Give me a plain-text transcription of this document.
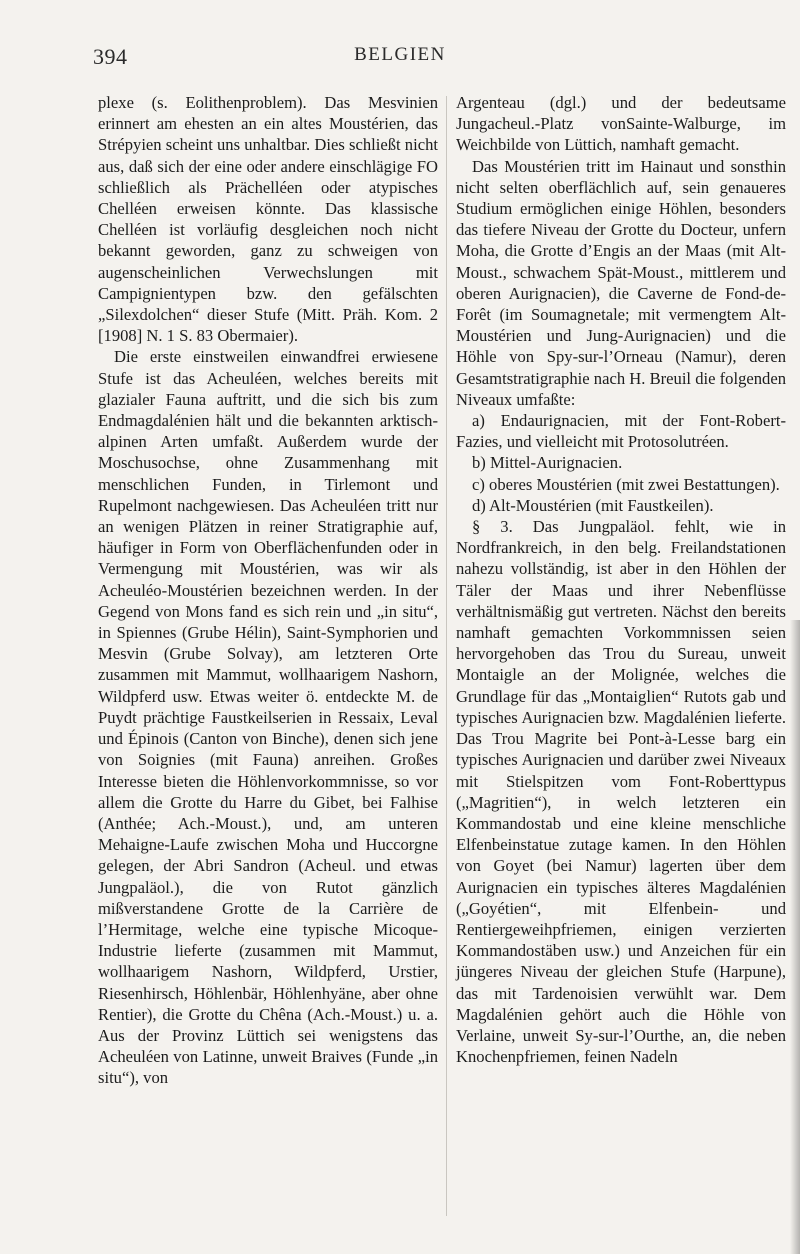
394	BELGIEN

plexe (s. Eolithenproblem). Das Mesvinien erinnert am ehesten an ein altes Moustérien, das Strépyien scheint uns unhaltbar. Dies schließt nicht aus, daß sich der eine oder andere einschlägige FO schließlich als Prächelléen oder atypisches Chelléen erweisen könnte. Das klassische Chelléen ist vorläufig desgleichen noch nicht bekannt geworden, ganz zu schweigen von augenscheinlichen Verwechslungen mit Campignientypen bzw. den gefälschten „Silexdolchen“ dieser Stufe (Mitt. Präh. Kom. 2 [1908] N. 1 S. 83 Obermaier).

Die erste einstweilen einwandfrei erwiesene Stufe ist das Acheuléen, welches bereits mit glazialer Fauna auftritt, und die sich bis zum Endmagdalénien hält und die bekannten arktisch-alpinen Arten umfaßt. Außerdem wurde der Moschusochse, ohne Zusammenhang mit menschlichen Funden, in Tirlemont und Rupelmont nachgewiesen. Das Acheuléen tritt nur an wenigen Plätzen in reiner Stratigraphie auf, häufiger in Form von Oberflächenfunden oder in Vermengung mit Moustérien, was wir als Acheuléo-Moustérien bezeichnen werden. In der Gegend von Mons fand es sich rein und „in situ“, in Spiennes (Grube Hélin), Saint-Symphorien und Mesvin (Grube Solvay), am letzteren Orte zusammen mit Mammut, wollhaarigem Nashorn, Wildpferd usw. Etwas weiter ö. entdeckte M. de Puydt prächtige Faustkeilserien in Ressaix, Leval und Épinois (Canton von Binche), denen sich jene von Soignies (mit Fauna) anreihen. Großes Interesse bieten die Höhlenvorkommnisse, so vor allem die Grotte du Harre du Gibet, bei Falhise (Anthée; Ach.-Moust.), und, am unteren Mehaigne-Laufe zwischen Moha und Huccorgne gelegen, der Abri Sandron (Acheul. und etwas Jungpaläol.), die von Rutot gänzlich mißverstandene Grotte de la Carrière de l’Hermitage, welche eine typische Micoque-Industrie lieferte (zusammen mit Mammut, wollhaarigem Nashorn, Wildpferd, Urstier, Riesenhirsch, Höhlenbär, Höhlenhyäne, aber ohne Rentier), die Grotte du Chêna (Ach.-Moust.) u. a. Aus der Provinz Lüttich sei wenigstens das Acheuléen von Latinne, unweit Braives (Funde „in situ“), von

Argenteau (dgl.) und der bedeutsame Jungacheul.-Platz vonSainte-Walburge, im Weichbilde von Lüttich, namhaft gemacht.

Das Moustérien tritt im Hainaut und sonsthin nicht selten oberflächlich auf, sein genaueres Studium ermöglichen einige Höhlen, besonders das tiefere Niveau der Grotte du Docteur, unfern Moha, die Grotte d’Engis an der Maas (mit Alt-Moust., schwachem Spät-Moust., mittlerem und oberen Aurignacien), die Caverne de Fond-de-Forêt (im Soumagnetale; mit vermengtem Alt-Moustérien und Jung-Aurignacien) und die Höhle von Spy-sur-l’Orneau (Namur), deren Gesamtstratigraphie nach H. Breuil die folgenden Niveaux umfaßte:

a) Endaurignacien, mit der Font-Robert-Fazies, und vielleicht mit Protosolutréen.

b) Mittel-Aurignacien.

c) oberes Moustérien (mit zwei Bestattungen).

d) Alt-Moustérien (mit Faustkeilen).

§ 3. Das Jungpaläol. fehlt, wie in Nordfrankreich, in den belg. Freilandstationen nahezu vollständig, ist aber in den Höhlen der Täler der Maas und ihrer Nebenflüsse verhältnismäßig gut vertreten. Nächst den bereits namhaft gemachten Vorkommnissen seien hervorgehoben das Trou du Sureau, unweit Montaigle an der Molignée, welches die Grundlage für das „Montaiglien“ Rutots gab und typisches Aurignacien bzw. Magdalénien lieferte. Das Trou Magrite bei Pont-à-Lesse barg ein typisches Aurignacien und darüber zwei Niveaux mit Stielspitzen vom Font-Roberttypus („Magritien“), in welch letzteren ein Kommandostab und eine kleine menschliche Elfenbeinstatue zutage kamen. In den Höhlen von Goyet (bei Namur) lagerten über dem Aurignacien ein typisches älteres Magdalénien („Goyétien“, mit Elfenbein- und Rentiergeweihpfriemen, einigen verzierten Kommandostäben usw.) und Anzeichen für ein jüngeres Niveau der gleichen Stufe (Harpune), das mit Tardenoisien verwühlt war. Dem Magdalénien gehört auch die Höhle von Verlaine, unweit Sy-sur-l’Ourthe, an, die neben Knochenpfriemen, feinen Nadeln
